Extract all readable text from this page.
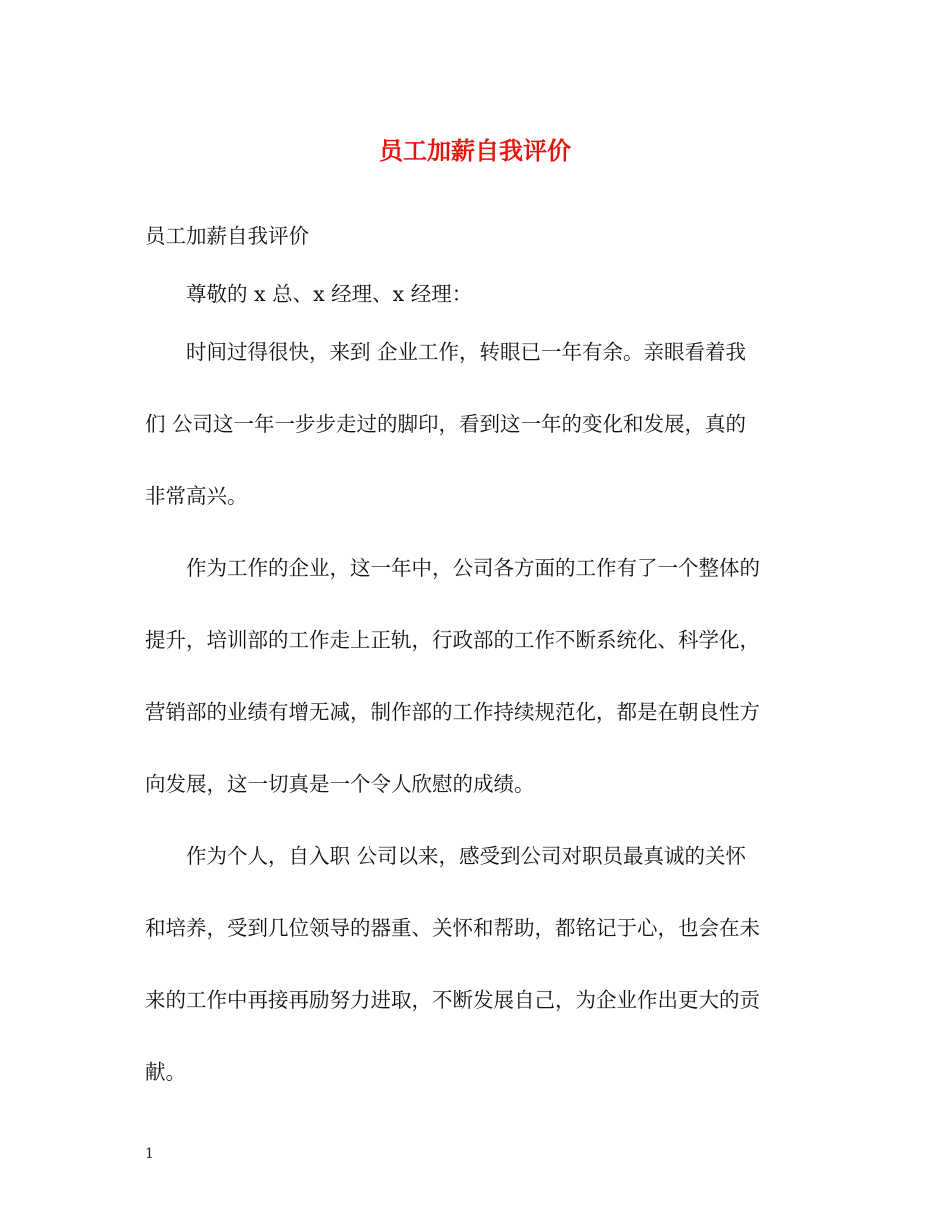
员工加薪自我评价

员工加薪自我评价

尊敬的 x 总、x 经理、x 经理：

时间过得很快，来到 企业工作，转眼已一年有余。亲眼看着我
们 公司这一年一步步走过的脚印，看到这一年的变化和发展，真的
非常高兴。
作为工作的企业，这一年中，公司各方面的工作有了一个整体的
提升，培训部的工作走上正轨，行政部的工作不断系统化、科学化，
营销部的业绩有增无减，制作部的工作持续规范化，都是在朝良性方
向发展，这一切真是一个令人欣慰的成绩。
作为个人，自入职 公司以来，感受到公司对职员最真诚的关怀
和培养，受到几位领导的器重、关怀和帮助，都铭记于心，也会在未
来的工作中再接再励努力进取，不断发展自己，为企业作出更大的贡
献。
1
